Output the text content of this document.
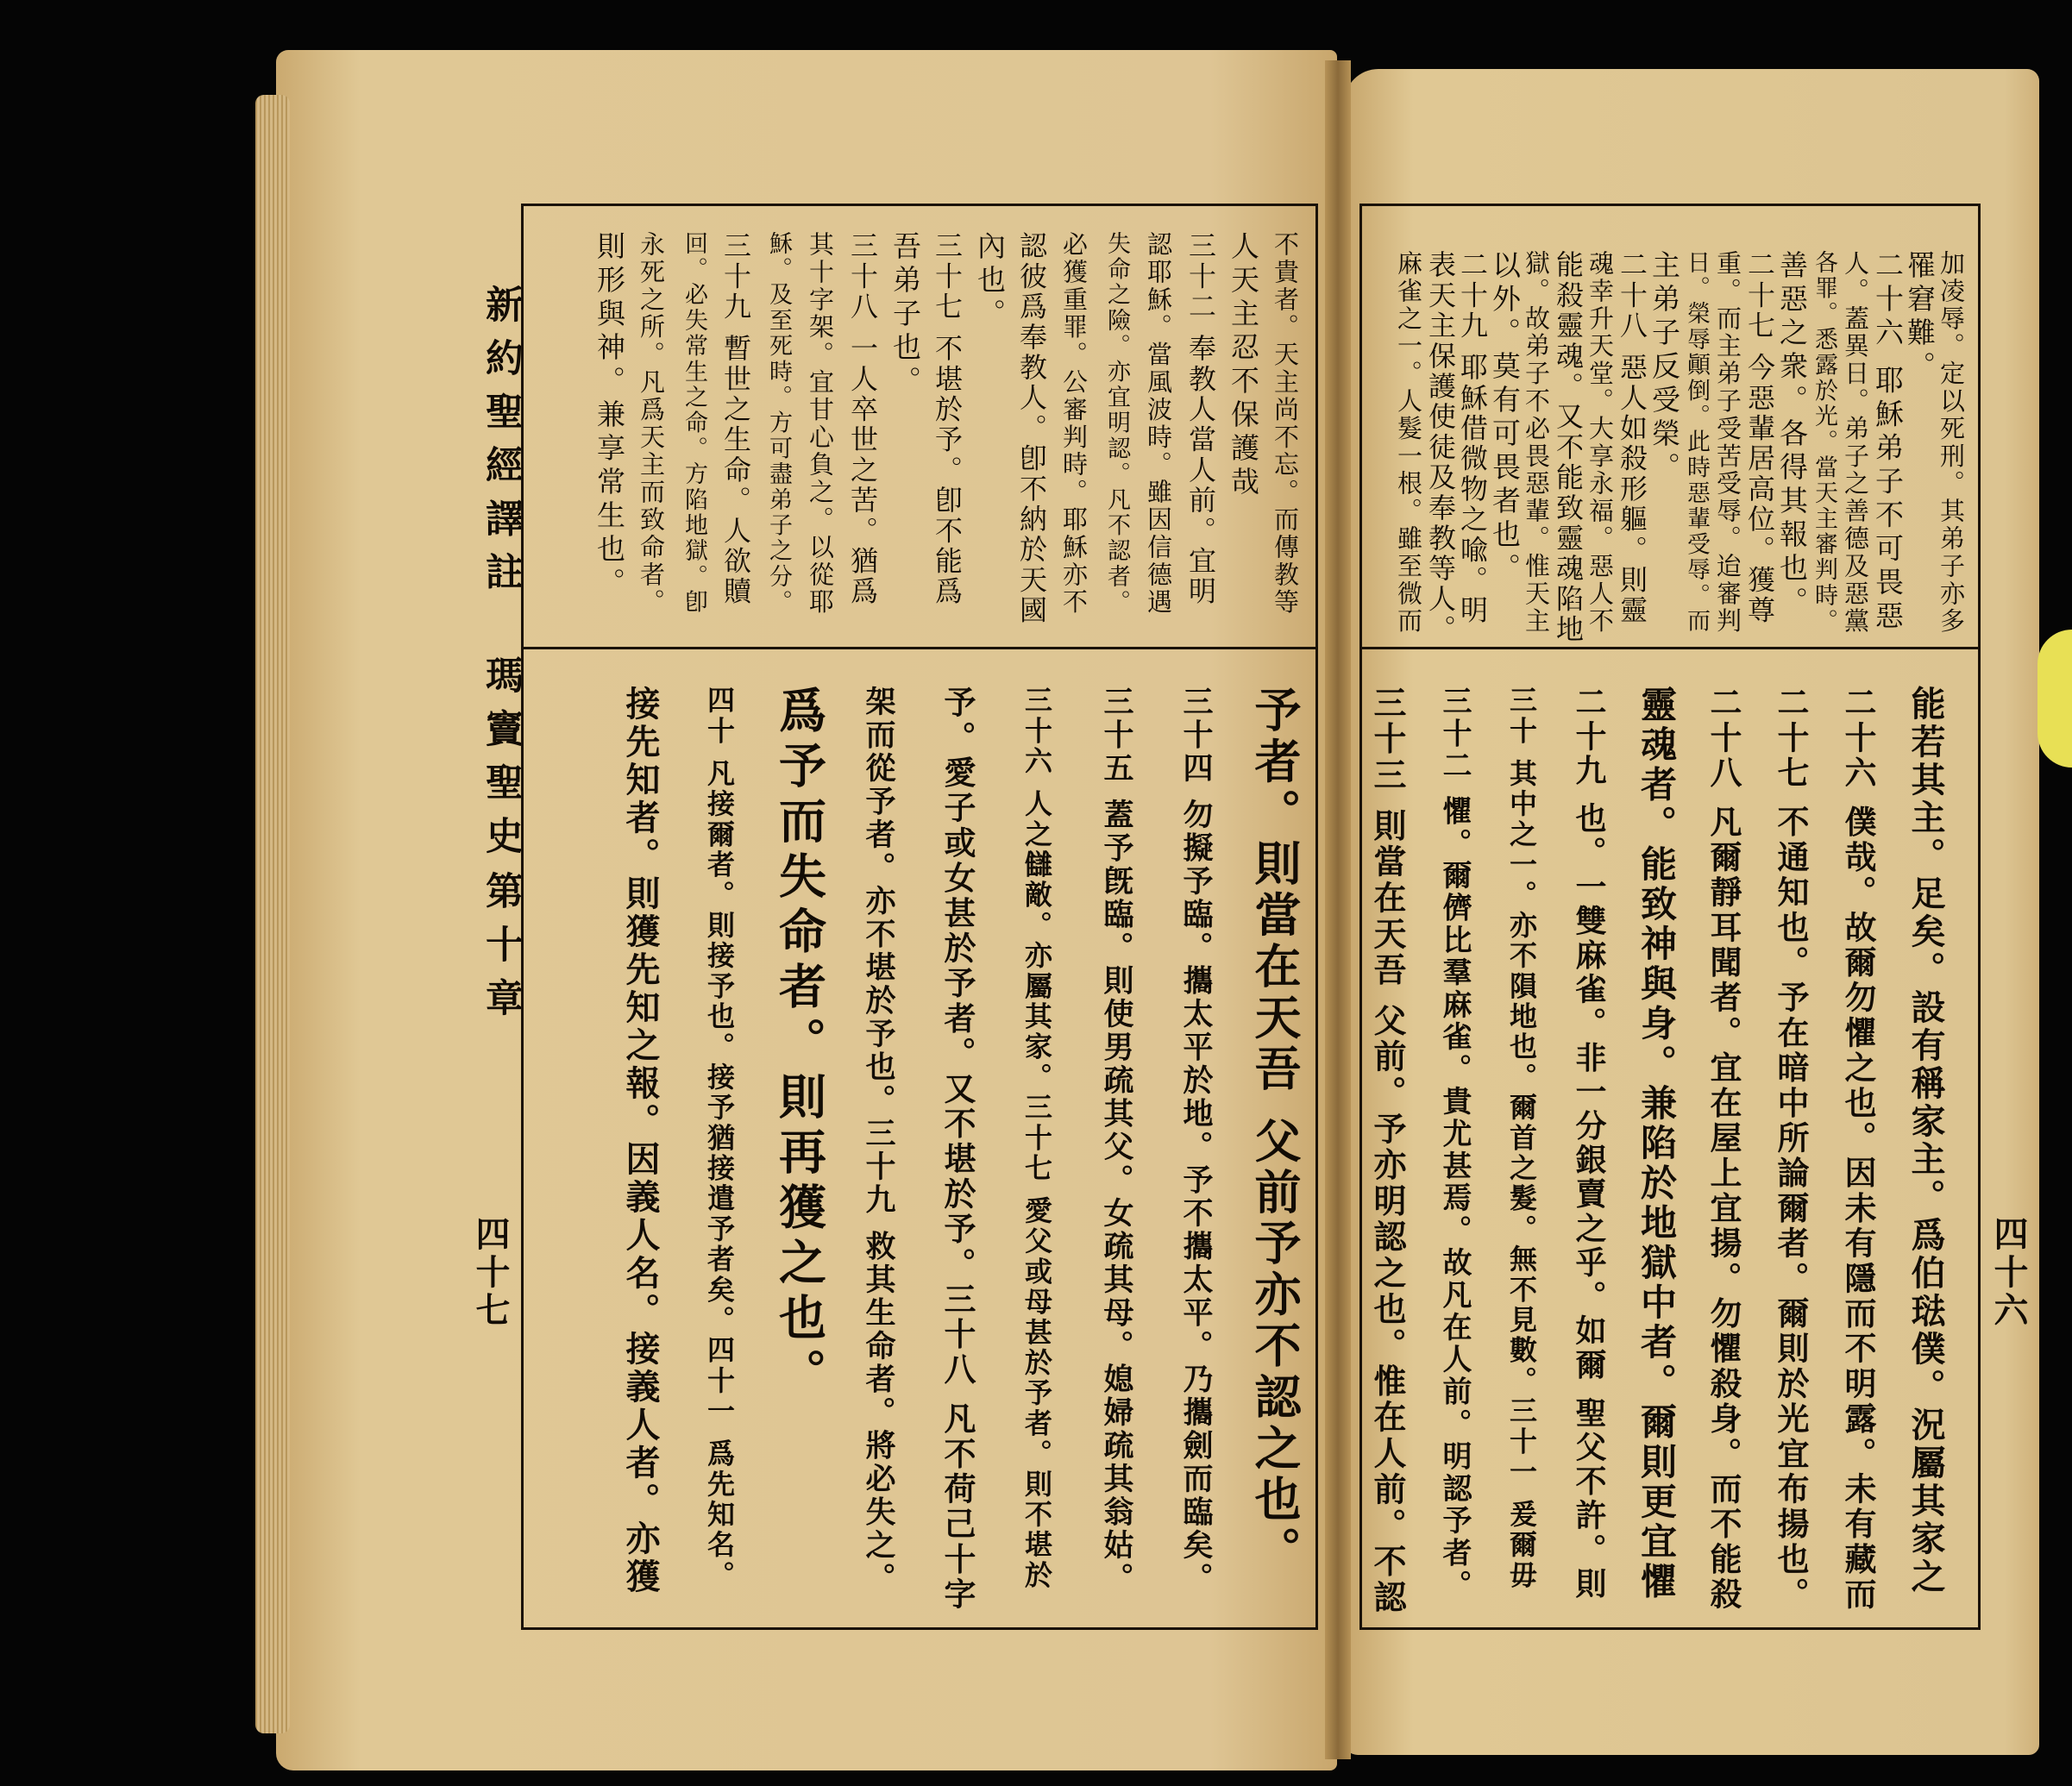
新約聖經譯註
瑪竇聖史
第十章
四十七	四十六
不貴者。天主尚不忘。而傳教等
人天主忍不保護哉
三十二 奉教人當人前。宜明
認耶穌。當風波時。雖因信德遇
失命之險。亦宜明認。凡不認者。
必獲重罪。公審判時。耶穌亦不
認彼爲奉教人。卽不納於天國
內也。
三十七 不堪於予。卽不能爲
吾弟子也。
三十八 一人卒世之苦。猶爲
其十字架。宜甘心負之。以從耶
穌。及至死時。方可盡弟子之分。
三十九 暫世之生命。人欲贖
回。必失常生之命。方陷地獄。卽
永死之所。凡爲天主而致命者。
則形與神。兼享常生也。
予者。則當在天吾 父前予亦不認之也。
三十四 勿擬予臨。攜太平於地。予不攜太平。乃攜劍而臨矣。
三十五 蓋予旣臨。則使男疏其父。女疏其母。媳婦疏其翁姑。
三十六 人之讎敵。亦屬其家。三十七 愛父或母甚於予者。則不堪於
予。愛子或女甚於予者。又不堪於予。三十八 凡不荷己十字
架而從予者。亦不堪於予也。三十九 救其生命者。將必失之。
爲予而失命者。則再獲之也。
四十 凡接爾者。則接予也。接予猶接遣予者矣。四十一 爲先知名。
接先知者。則獲先知之報。因義人名。接義人者。亦獲
加凌辱。定以死刑。其弟子亦多
罹窘難。
二十六 耶穌弟子不可畏惡
人。蓋異日。弟子之善德及惡黨
各罪。悉露於光。當天主審判時。
善惡之衆。各得其報也。
二十七 今惡輩居高位。獲尊
重。而主弟子受苦受辱。迨審判
日。榮辱顚倒。此時惡輩受辱。而
主弟子反受榮。
二十八 惡人如殺形軀。則靈
魂幸升天堂。大享永福。惡人不
能殺靈魂。又不能致靈魂陷地
獄。故弟子不必畏惡輩。惟天主
以外。莫有可畏者也。
二十九 耶穌借微物之喩。明
表天主保護使徒及奉教等人。
麻雀之一。人髮一根。雖至微而
能若其主。足矣。設有稱家主。爲伯琺僕。況屬其家之
二十六 僕哉。故爾勿懼之也。因未有隱而不明露。未有藏而
二十七 不通知也。予在暗中所論爾者。爾則於光宜布揚也。
二十八 凡爾靜耳聞者。宜在屋上宜揚。勿懼殺身。而不能殺
靈魂者。能致神與身。兼陷於地獄中者。爾則更宜懼
二十九 也。一雙麻雀。非一分銀賣之乎。如爾 聖父不許。則
三十 其中之一。亦不隕地也。爾首之髮。無不見數。三十一 爰爾毋
三十二 懼。爾儕比羣麻雀。貴尤甚焉。故凡在人前。明認予者。
三十三 則當在天吾 父前。予亦明認之也。惟在人前。不認
